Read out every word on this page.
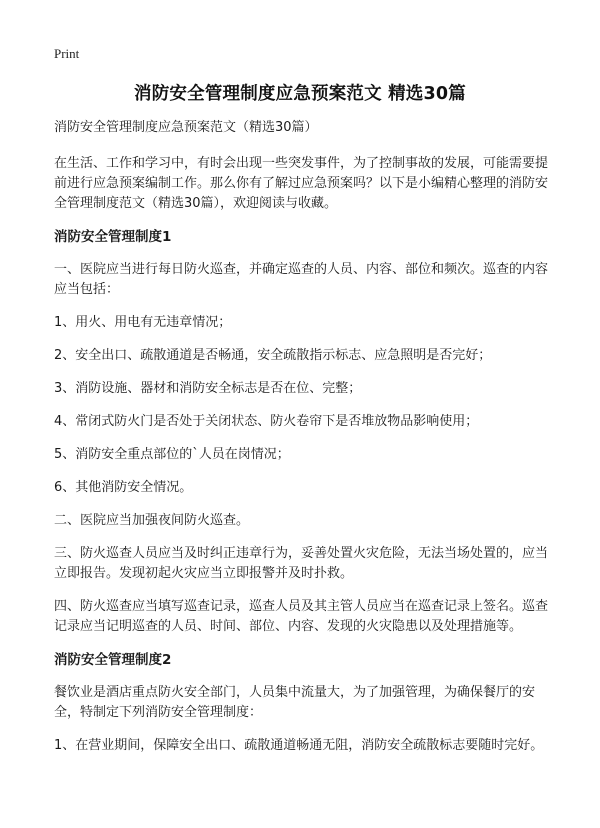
Print
消防安全管理制度应急预案范文 精选30篇

消防安全管理制度应急预案范文（精选30篇）

在生活、工作和学习中，有时会出现一些突发事件，为了控制事故的发展，可能需要提前进行应急预案编制工作。那么你有了解过应急预案吗？以下是小编精心整理的消防安全管理制度范文（精选30篇），欢迎阅读与收藏。

消防安全管理制度1

一、医院应当进行每日防火巡查，并确定巡查的人员、内容、部位和频次。巡查的内容应当包括：

1、用火、用电有无违章情况；

2、安全出口、疏散通道是否畅通，安全疏散指示标志、应急照明是否完好；

3、消防设施、器材和消防安全标志是否在位、完整；

4、常闭式防火门是否处于关闭状态、防火卷帘下是否堆放物品影响使用；

5、消防安全重点部位的`人员在岗情况；

6、其他消防安全情况。

二、医院应当加强夜间防火巡查。

三、防火巡查人员应当及时纠正违章行为，妥善处置火灾危险，无法当场处置的，应当立即报告。发现初起火灾应当立即报警并及时扑救。

四、防火巡查应当填写巡查记录，巡查人员及其主管人员应当在巡查记录上签名。巡查记录应当记明巡查的人员、时间、部位、内容、发现的火灾隐患以及处理措施等。

消防安全管理制度2

餐饮业是酒店重点防火安全部门，人员集中流量大，为了加强管理，为确保餐厅的安全，特制定下列消防安全管理制度：

1、在营业期间，保障安全出口、疏散通道畅通无阻，消防安全疏散标志要随时完好。
